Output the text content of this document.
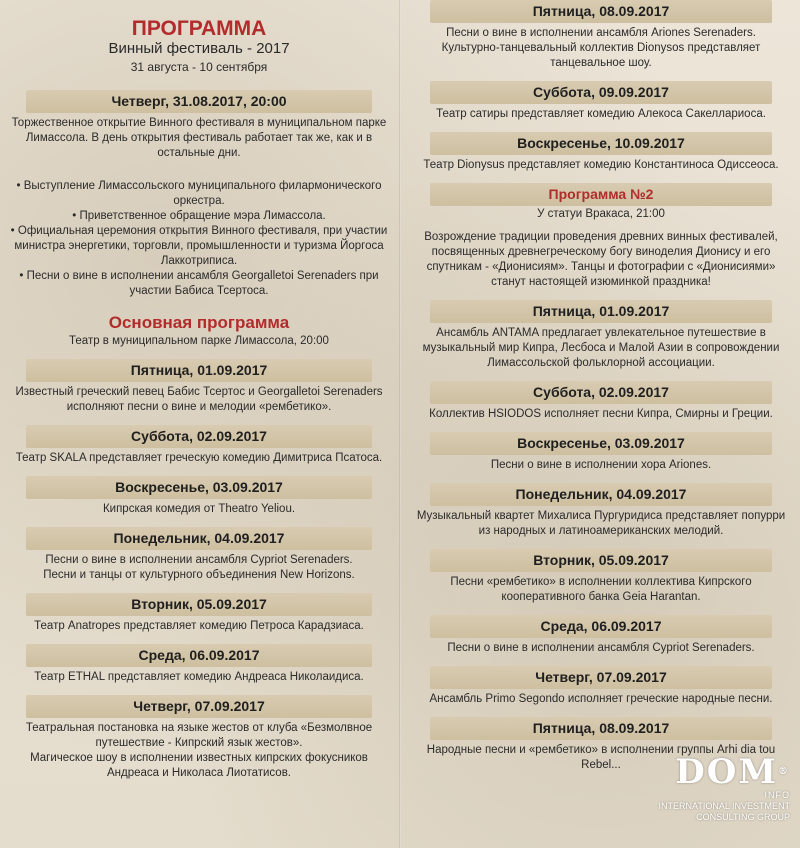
ПРОГРАММА
Винный фестиваль - 2017
31 августа - 10 сентября
Четверг, 31.08.2017, 20:00
Торжественное открытие Винного фестиваля в муниципальном парке Лимассола. В день открытия фестиваль работает так же, как и в остальные дни.
• Выступление Лимассольского муниципального филармонического оркестра.
• Приветственное обращение мэра Лимассола.
• Официальная церемония открытия Винного фестиваля, при участии министра энергетики, торговли, промышленности и туризма Йоргоса Лаккотриписа.
• Песни о вине в исполнении ансамбля Georgalletoi Serenaders при участии Бабиса Тсертоса.
Основная программа
Театр в муниципальном парке Лимассола, 20:00
Пятница, 01.09.2017
Известный греческий певец Бабис Тсертос и Georgalletoi Serenaders исполняют песни о вине и мелодии «рембетико».
Суббота, 02.09.2017
Театр SKALA представляет греческую комедию Димитриса Псатоса.
Воскресенье, 03.09.2017
Кипрская комедия от Theatro Yeliou.
Понедельник, 04.09.2017
Песни о вине в исполнении ансамбля Cypriot Serenaders.
Песни и танцы от культурного объединения New Horizons.
Вторник, 05.09.2017
Театр Anatropes представляет комедию Петроса Карадзиаса.
Среда, 06.09.2017
Театр ETHAL представляет комедию Андреаса Николаидиса.
Четверг, 07.09.2017
Театральная постановка на языке жестов от клуба «Безмолвное путешествие - Кипрский язык жестов».
Магическое шоу в исполнении известных кипрских фокусников Андреаса и Николаса Лиотатисов.
Пятница, 08.09.2017
Песни о вине в исполнении ансамбля Ariones Serenaders.
Культурно-танцевальный коллектив Dionysos представляет танцевальное шоу.
Суббота, 09.09.2017
Театр сатиры представляет комедию Алекоса Сакеллариоса.
Воскресенье, 10.09.2017
Театр Dionysus представляет комедию Константиноса Одиссеоса.
Программа №2
У статуи Вракаса, 21:00
Возрождение традиции проведения древних винных фестивалей, посвященных древнегреческому богу виноделия Дионису и его спутникам - «Дионисиям». Танцы и фотографии с «Дионисиями» станут настоящей изюминкой праздника!
Пятница, 01.09.2017
Ансамбль ANTAMA предлагает увлекательное путешествие в музыкальный мир Кипра, Лесбоса и Малой Азии в сопровождении Лимассольской фольклорной ассоциации.
Суббота, 02.09.2017
Коллектив HSIODOS исполняет песни Кипра, Смирны и Греции.
Воскресенье, 03.09.2017
Песни о вине в исполнении хора Ariones.
Понедельник, 04.09.2017
Музыкальный квартет Михалиса Пургуридиса представляет попурри из народных и латиноамериканских мелодий.
Вторник, 05.09.2017
Песни «рембетико» в исполнении коллектива Кипрского кооперативного банка Geia Harantan.
Среда, 06.09.2017
Песни о вине в исполнении ансамбля Cypriot Serenaders.
Четверг, 07.09.2017
Ансамбль Primo Segondo исполняет греческие народные песни.
Пятница, 08.09.2017
Народные песни и «рембетико» в исполнении группы Arhi dia tou Rebel...	DOM®
INFO
INTERNATIONAL INVESTMENT
CONSULTING GROUP
